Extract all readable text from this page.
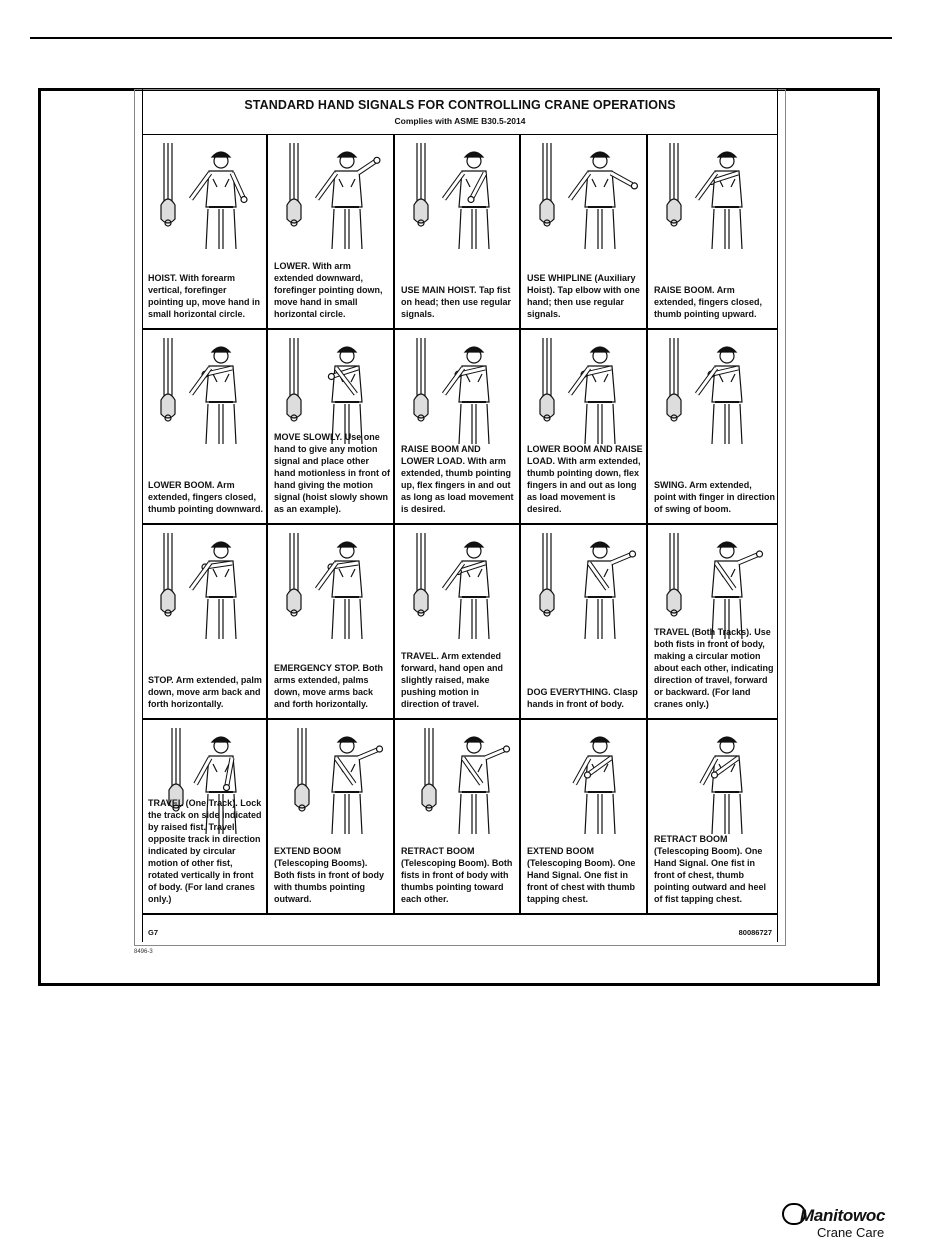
STANDARD HAND SIGNALS FOR CONTROLLING CRANE OPERATIONS
Complies with ASME B30.5-2014
HOIST. With forearm vertical, forefinger pointing up, move hand in small horizontal circle.
LOWER. With arm extended downward, forefinger pointing down, move hand in small horizontal circle.
USE MAIN HOIST. Tap fist on head; then use regular signals.
USE WHIPLINE (Auxiliary Hoist). Tap elbow with one hand; then use regular signals.
RAISE BOOM. Arm extended, fingers closed, thumb pointing upward.
LOWER BOOM. Arm extended, fingers closed, thumb pointing downward.
MOVE SLOWLY. Use one hand to give any motion signal and place other hand motionless in front of hand giving the motion signal (hoist slowly shown as an example).
RAISE BOOM AND LOWER LOAD. With arm extended, thumb pointing up, flex fingers in and out as long as load movement is desired.
LOWER BOOM AND RAISE LOAD. With arm extended, thumb pointing down, flex fingers in and out as long as load movement is desired.
SWING. Arm extended, point with finger in direction of swing of boom.
STOP. Arm extended, palm down, move arm back and forth horizontally.
EMERGENCY STOP. Both arms extended, palms down, move arms back and forth horizontally.
TRAVEL. Arm extended forward, hand open and slightly raised, make pushing motion in direction of travel.
DOG EVERYTHING. Clasp hands in front of body.
TRAVEL (Both Tracks). Use both fists in front of body, making a circular motion about each other, indicating direction of travel, forward or backward. (For land cranes only.)
TRAVEL (One Track). Lock the track on side indicated by raised fist. Travel opposite track in direction indicated by circular motion of other fist, rotated vertically in front of body. (For land cranes only.)
EXTEND BOOM (Telescoping Booms). Both fists in front of body with thumbs pointing outward.
RETRACT BOOM (Telescoping Boom). Both fists in front of body with thumbs pointing toward each other.
EXTEND BOOM (Telescoping Boom). One Hand Signal. One fist in front of chest with thumb tapping chest.
RETRACT BOOM (Telescoping Boom). One Hand Signal. One fist in front of chest, thumb pointing outward and heel of fist tapping chest.
G7	80086727
8496-3
Manitowoc
Crane Care
